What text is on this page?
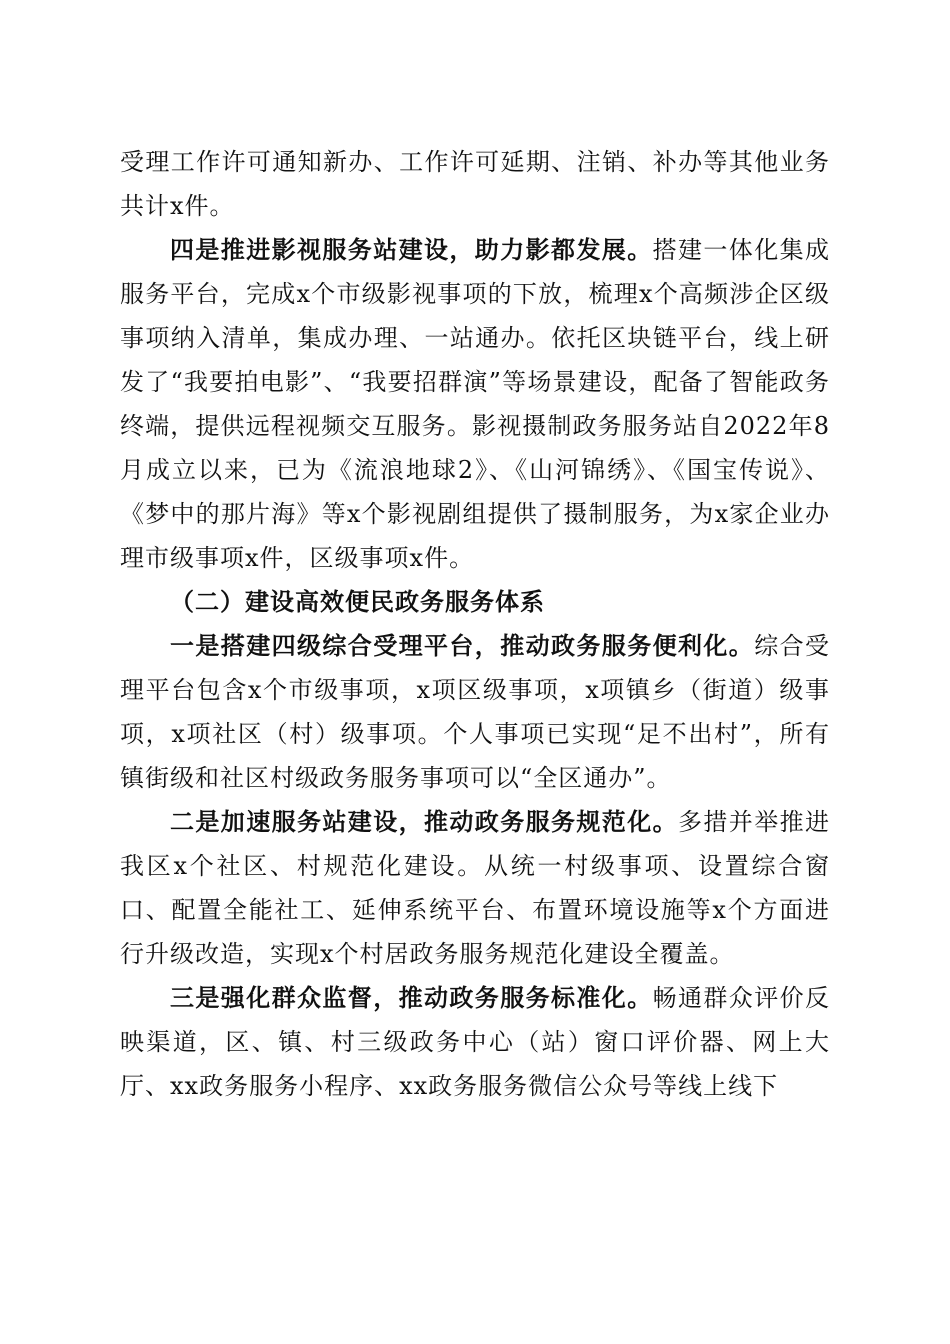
受理工作许可通知新办、工作许可延期、注销、补办等其他业务共计x件。

四是推进影视服务站建设，助力影都发展。搭建一体化集成服务平台，完成x个市级影视事项的下放，梳理x个高频涉企区级事项纳入清单，集成办理、一站通办。依托区块链平台，线上研发了“我要拍电影”、“我要招群演”等场景建设，配备了智能政务终端，提供远程视频交互服务。影视摄制政务服务站自2022年8月成立以来，已为《流浪地球2》、《山河锦绣》、《国宝传说》、《梦中的那片海》等x个影视剧组提供了摄制服务，为x家企业办理市级事项x件，区级事项x件。

（二）建设高效便民政务服务体系

一是搭建四级综合受理平台，推动政务服务便利化。综合受理平台包含x个市级事项，x项区级事项，x项镇乡（街道）级事项，x项社区（村）级事项。个人事项已实现“足不出村”，所有镇街级和社区村级政务服务事项可以“全区通办”。

二是加速服务站建设，推动政务服务规范化。多措并举推进我区x个社区、村规范化建设。从统一村级事项、设置综合窗口、配置全能社工、延伸系统平台、布置环境设施等x个方面进行升级改造，实现x个村居政务服务规范化建设全覆盖。

三是强化群众监督，推动政务服务标准化。畅通群众评价反映渠道，区、镇、村三级政务中心（站）窗口评价器、网上大厅、xx政务服务小程序、xx政务服务微信公众号等线上线下
